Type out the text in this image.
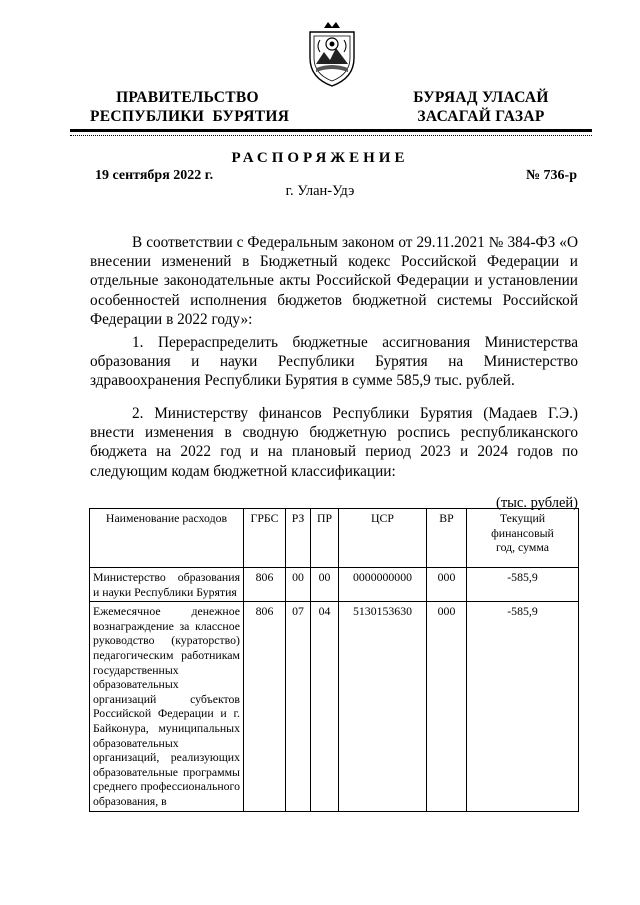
ПРАВИТЕЛЬСТВО
РЕСПУБЛИКИ  БУРЯТИЯ
БУРЯАД УЛАСАЙ
ЗАСАГАЙ ГАЗАР
РАСПОРЯЖЕНИЕ
19 сентября 2022 г.	№ 736-р
г. Улан-Удэ

В соответствии с Федеральным законом от 29.11.2021 № 384-ФЗ «О внесении изменений в Бюджетный кодекс Российской Федерации и отдельные законодательные акты Российской Федерации и установлении особенностей исполнения бюджетов бюджетной системы Российской Федерации в 2022 году»:

1. Перераспределить бюджетные ассигнования Министерства образования и науки Республики Бурятия на Министерство здравоохранения Республики Бурятия в сумме 585,9 тыс. рублей.

2. Министерству финансов Республики Бурятия (Мадаев Г.Э.) внести изменения в сводную бюджетную роспись республиканского бюджета на 2022 год и на плановый период 2023 и 2024 годов по следующим кодам бюджетной классификации:

(тыс. рублей)
Наименование расходов	ГРБС	РЗ	ПР	ЦСР	ВР	Текущий финансовый год, сумма
Министерство образования и науки Республики Бурятия	806	00	00	0000000000	000	-585,9
Ежемесячное денежное вознаграждение за классное руководство (кураторство) педагогическим работникам государственных образовательных организаций субъектов Российской Федерации и г. Байконура, муниципальных образовательных организаций, реализующих образовательные программы среднего профессионального образования, в	806	07	04	5130153630	000	-585,9
